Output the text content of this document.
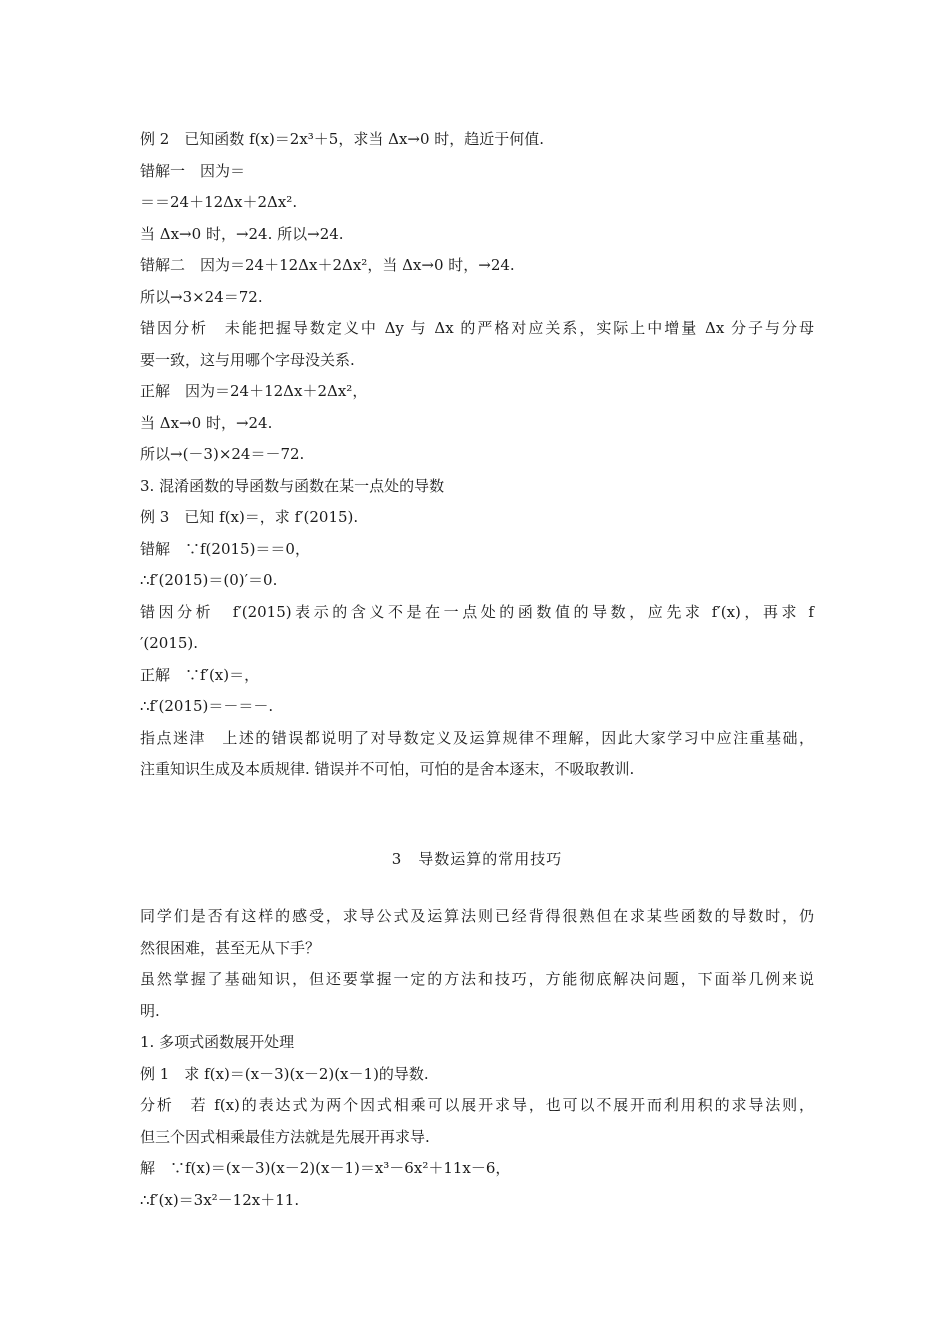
例 2　已知函数 f(x)＝2x³＋5，求当 Δx→0 时，趋近于何值.
错解一　因为＝
＝＝24＋12Δx＋2Δx².
当 Δx→0 时，→24. 所以→24.
错解二　因为＝24＋12Δx＋2Δx²，当 Δx→0 时，→24.
所以→3×24＝72.
错因分析　未能把握导数定义中 Δy 与 Δx 的严格对应关系，实际上中增量 Δx 分子与分母
要一致，这与用哪个字母没关系.
正解　因为＝24＋12Δx＋2Δx²，
当 Δx→0 时，→24.
所以→(－3)×24＝－72.
3. 混淆函数的导函数与函数在某一点处的导数
例 3　已知 f(x)＝，求 f′(2015).
错解　∵f(2015)＝＝0，
∴f′(2015)＝(0)′＝0.
错因分析　f′(2015)表示的含义不是在一点处的函数值的导数，应先求 f′(x)，再求 f
′(2015).
正解　∵f′(x)＝，
∴f′(2015)＝－＝－.
指点迷津　上述的错误都说明了对导数定义及运算规律不理解，因此大家学习中应注重基础，
注重知识生成及本质规律. 错误并不可怕，可怕的是舍本逐末，不吸取教训.
3　导数运算的常用技巧
同学们是否有这样的感受，求导公式及运算法则已经背得很熟但在求某些函数的导数时，仍
然很困难，甚至无从下手？
虽然掌握了基础知识，但还要掌握一定的方法和技巧，方能彻底解决问题，下面举几例来说
明.
1. 多项式函数展开处理
例 1　求 f(x)＝(x－3)(x－2)(x－1)的导数.
分析　若 f(x)的表达式为两个因式相乘可以展开求导，也可以不展开而利用积的求导法则，
但三个因式相乘最佳方法就是先展开再求导.
解　∵f(x)＝(x－3)(x－2)(x－1)＝x³－6x²＋11x－6，
∴f′(x)＝3x²－12x＋11.
